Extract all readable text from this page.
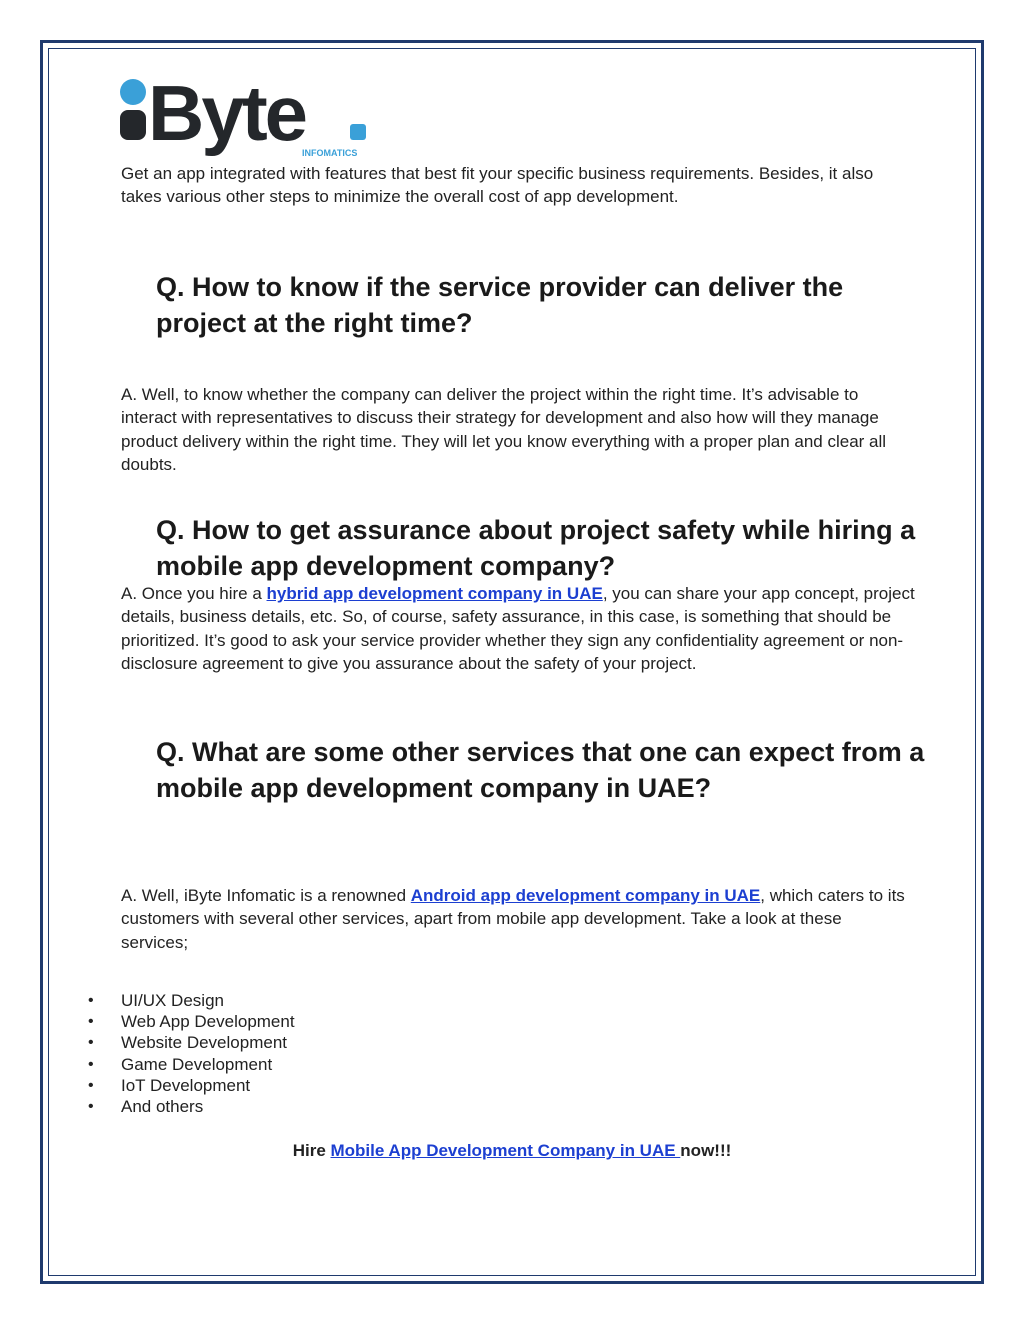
Byte
INFOMATICS

Get an app integrated with features that best fit your specific business requirements. Besides, it also takes various other steps to minimize the overall cost of app development.

Q. How to know if the service provider can deliver the project at the right time?

A. Well, to know whether the company can deliver the project within the right time. It’s advisable to interact with representatives to discuss their strategy for development and also how will they manage product delivery within the right time. They will let you know everything with a proper plan and clear all doubts.

Q. How to get assurance about project safety while hiring a mobile app development company?

A. Once you hire a hybrid app development company in UAE, you can share your app concept, project details, business details, etc. So, of course, safety assurance, in this case, is something that should be prioritized. It’s good to ask your service provider whether they sign any confidentiality agreement or non-disclosure agreement to give you assurance about the safety of your project.

Q. What are some other services that one can expect from a mobile app development company in UAE?

A. Well, iByte Infomatic is a renowned Android app development company in UAE, which caters to its customers with several other services, apart from mobile app development. Take a look at these services;

• UI/UX Design
• Web App Development
• Website Development
• Game Development
• IoT Development
• And others

Hire Mobile App Development Company in UAE now!!!
